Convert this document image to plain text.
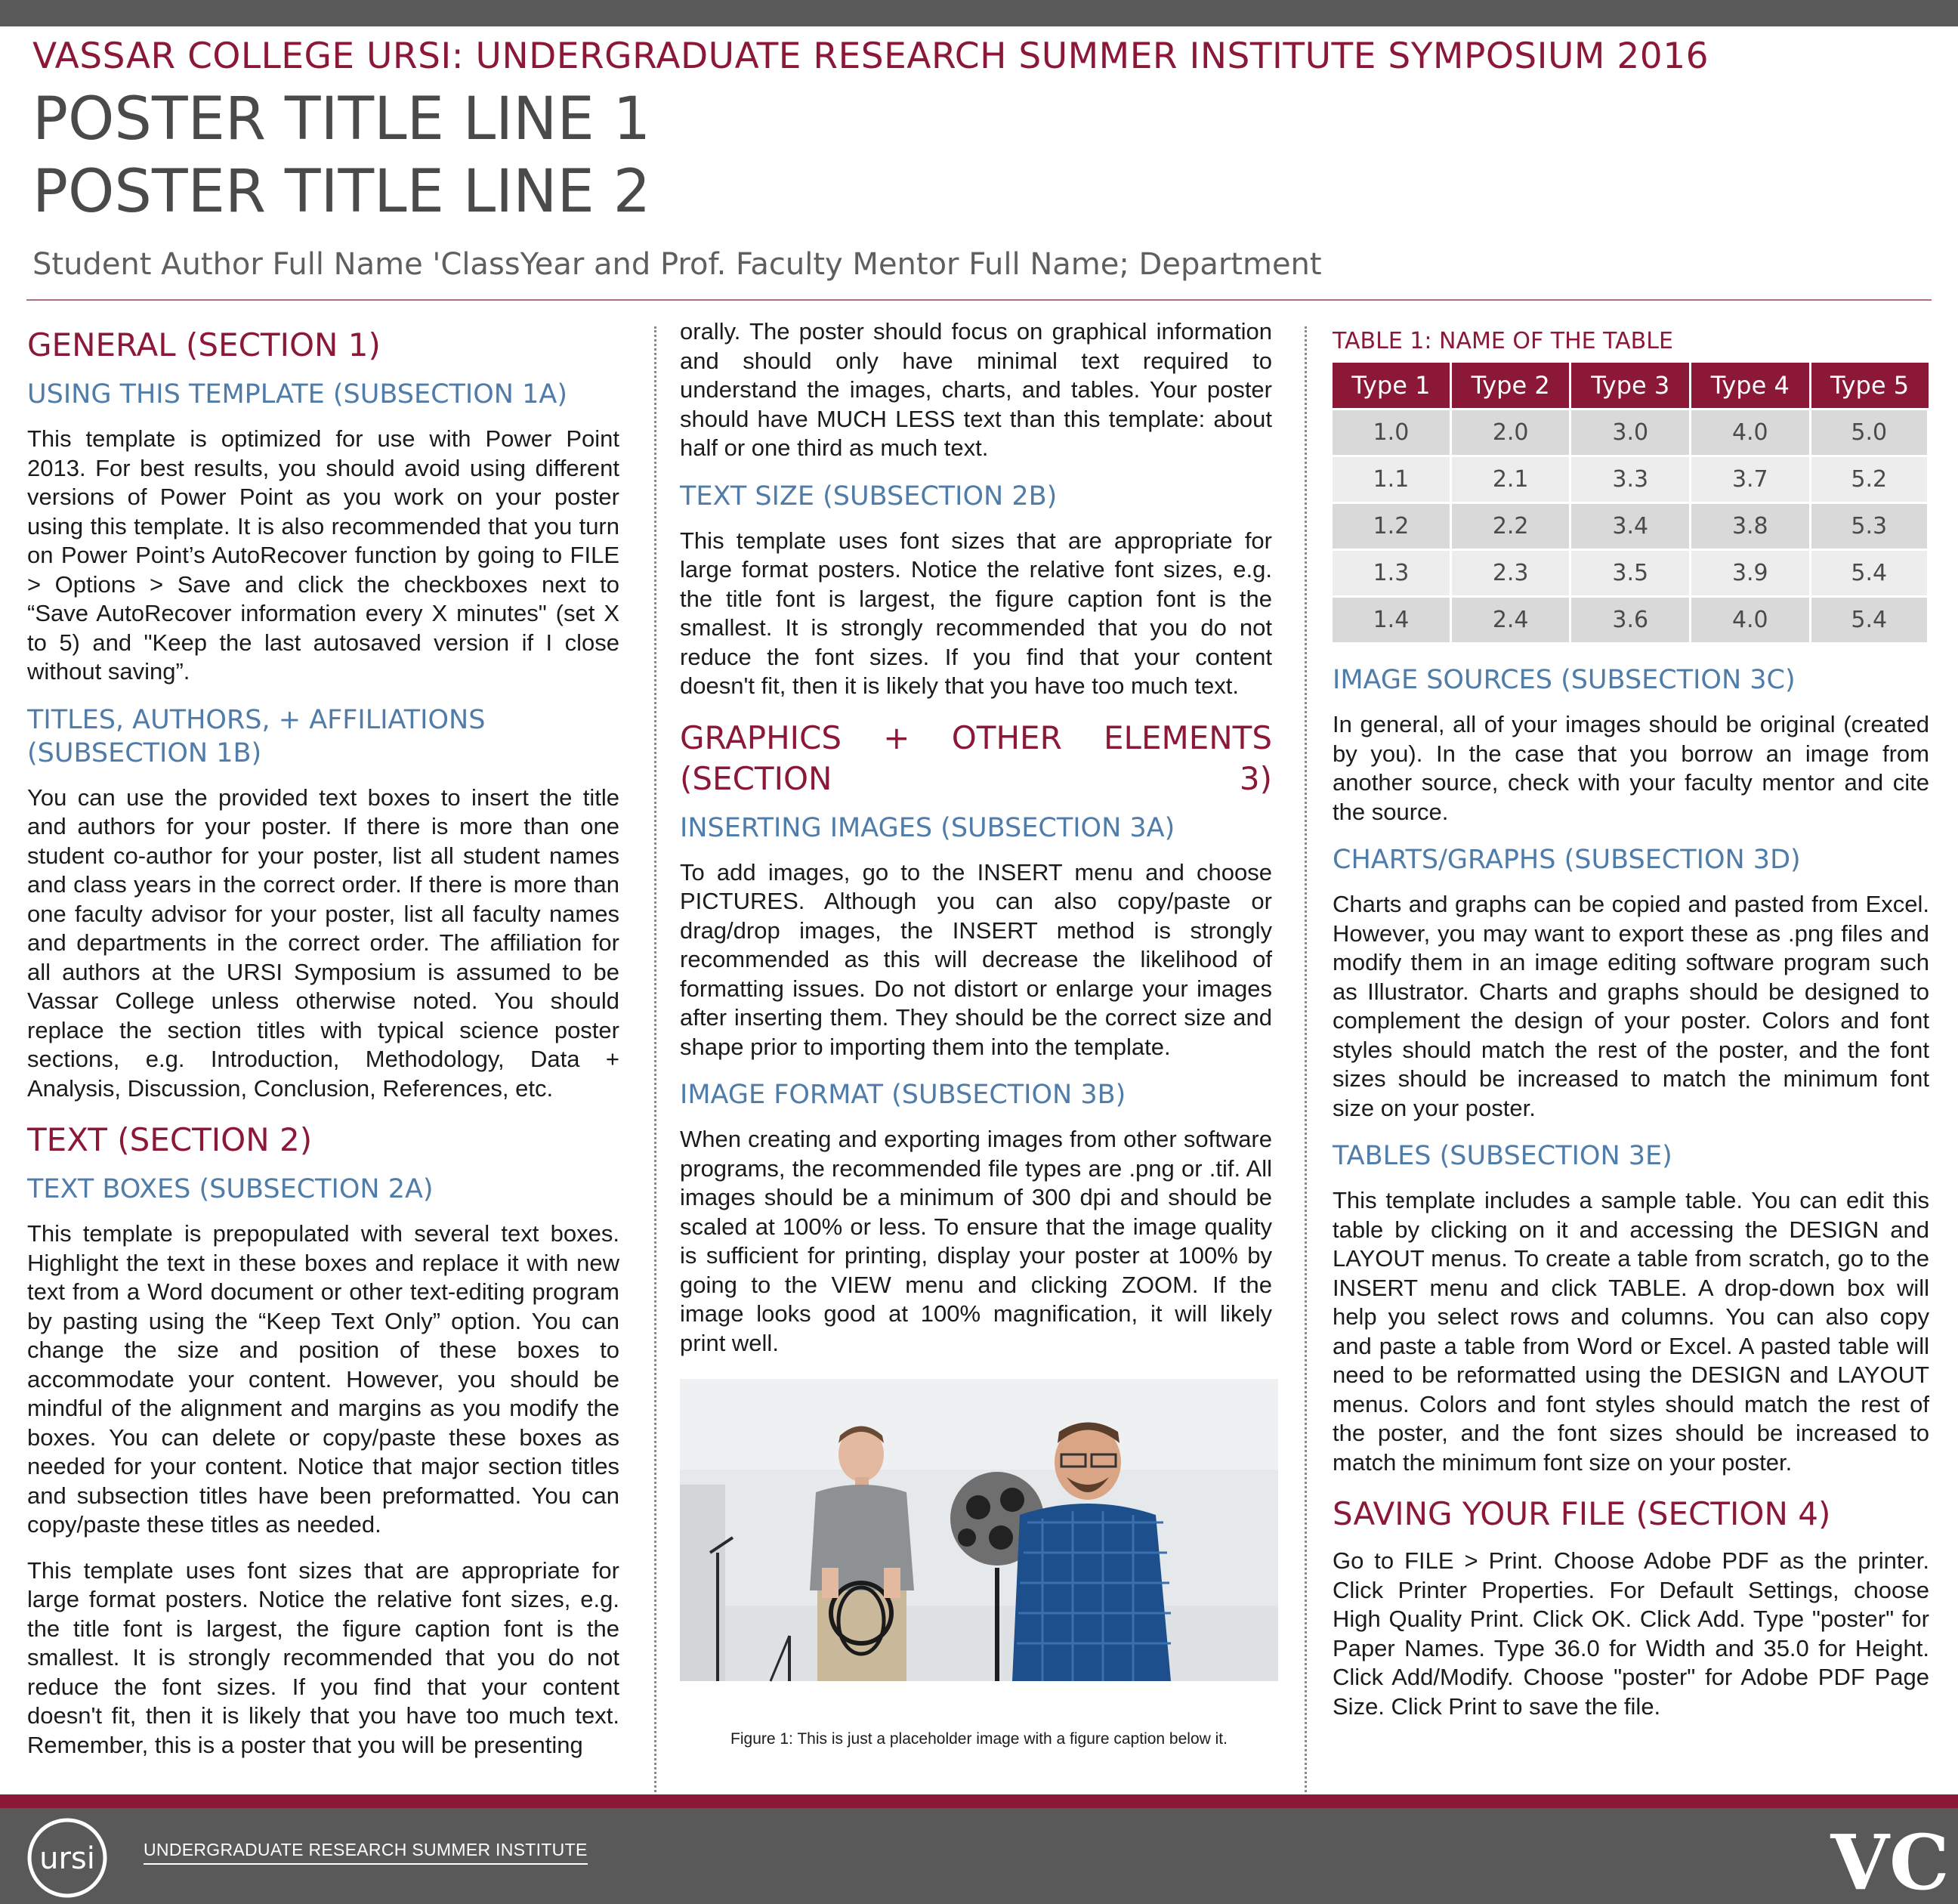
VASSAR COLLEGE URSI: UNDERGRADUATE RESEARCH SUMMER INSTITUTE SYMPOSIUM 2016
POSTER TITLE LINE 1
POSTER TITLE LINE 2
Student Author Full Name 'ClassYear and Prof. Faculty Mentor Full Name; Department
GENERAL (SECTION 1)
USING THIS TEMPLATE (SUBSECTION 1A)

This template is optimized for use with Power Point 2013. For best results, you should avoid using different versions of Power Point as you work on your poster using this template. It is also recommended that you turn on Power Point’s AutoRecover function by going to FILE > Options > Save and click the checkboxes next to “Save AutoRecover information every X minutes" (set X to 5) and "Keep the last autosaved version if I close without saving”.

TITLES, AUTHORS, + AFFILIATIONS (SUBSECTION 1B)

You can use the provided text boxes to insert the title and authors for your poster. If there is more than one student co-author for your poster, list all student names and class years in the correct order. If there is more than one faculty advisor for your poster, list all faculty names and departments in the correct order. The affiliation for all authors at the URSI Symposium is assumed to be Vassar College unless otherwise noted. You should replace the section titles with typical science poster sections, e.g. Introduction, Methodology, Data + Analysis, Discussion, Conclusion, References, etc.

TEXT (SECTION 2)
TEXT BOXES (SUBSECTION 2A)

This template is prepopulated with several text boxes. Highlight the text in these boxes and replace it with new text from a Word document or other text-editing program by pasting using the “Keep Text Only” option. You can change the size and position of these boxes to accommodate your content. However, you should be mindful of the alignment and margins as you modify the boxes. You can delete or copy/paste these boxes as needed for your content. Notice that major section titles and subsection titles have been preformatted. You can copy/paste these titles as needed.

This template uses font sizes that are appropriate for large format posters. Notice the relative font sizes, e.g. the title font is largest, the figure caption font is the smallest. It is strongly recommended that you do not reduce the font sizes. If you find that your content doesn't fit, then it is likely that you have too much text. Remember, this is a poster that you will be presenting

orally. The poster should focus on graphical information and should only have minimal text required to understand the images, charts, and tables. Your poster should have MUCH LESS text than this template: about half or one third as much text.

TEXT SIZE (SUBSECTION 2B)

This template uses font sizes that are appropriate for large format posters. Notice the relative font sizes, e.g. the title font is largest, the figure caption font is the smallest. It is strongly recommended that you do not reduce the font sizes. If you find that your content doesn't fit, then it is likely that you have too much text.

GRAPHICS + OTHER ELEMENTS (SECTION 3)
INSERTING IMAGES (SUBSECTION 3A)

To add images, go to the INSERT menu and choose PICTURES. Although you can also copy/paste or drag/drop images, the INSERT method is strongly recommended as this will decrease the likelihood of formatting issues. Do not distort or enlarge your images after inserting them. They should be the correct size and shape prior to importing them into the template.

IMAGE FORMAT (SUBSECTION 3B)

When creating and exporting images from other software programs, the recommended file types are .png or .tif. All images should be a minimum of 300 dpi and should be scaled at 100% or less. To ensure that the image quality is sufficient for printing, display your poster at 100% by going to the VIEW menu and clicking ZOOM. If the image looks good at 100% magnification, it will likely print well.

Figure 1: This is just a placeholder image with a figure caption below it.
TABLE 1: NAME OF THE TABLE
Type 1	Type 2	Type 3	Type 4	Type 5
1.0	2.0	3.0	4.0	5.0
1.1	2.1	3.3	3.7	5.2
1.2	2.2	3.4	3.8	5.3
1.3	2.3	3.5	3.9	5.4
1.4	2.4	3.6	4.0	5.4
IMAGE SOURCES (SUBSECTION 3C)

In general, all of your images should be original (created by you). In the case that you borrow an image from another source, check with your faculty mentor and cite the source.

CHARTS/GRAPHS (SUBSECTION 3D)

Charts and graphs can be copied and pasted from Excel. However, you may want to export these as .png files and modify them in an image editing software program such as Illustrator. Charts and graphs should be designed to complement the design of your poster. Colors and font styles should match the rest of the poster, and the font sizes should be increased to match the minimum font size on your poster.

TABLES (SUBSECTION 3E)

This template includes a sample table. You can edit this table by clicking on it and accessing the DESIGN and LAYOUT menus. To create a table from scratch, go to the INSERT menu and click TABLE. A drop-down box will help you select rows and columns. You can also copy and paste a table from Word or Excel. A pasted table will need to be reformatted using the DESIGN and LAYOUT menus. Colors and font styles should match the rest of the poster, and the font sizes should be increased to match the minimum font size on your poster.

SAVING YOUR FILE (SECTION 4)

Go to FILE > Print. Choose Adobe PDF as the printer. Click Printer Properties. For Default Settings, choose High Quality Print. Click OK. Click Add. Type "poster" for Paper Names. Type 36.0 for Width and 35.0 for Height. Click Add/Modify. Choose "poster" for Adobe PDF Page Size. Click Print to save the file.

ursi	UNDERGRADUATE RESEARCH SUMMER INSTITUTE	VC
